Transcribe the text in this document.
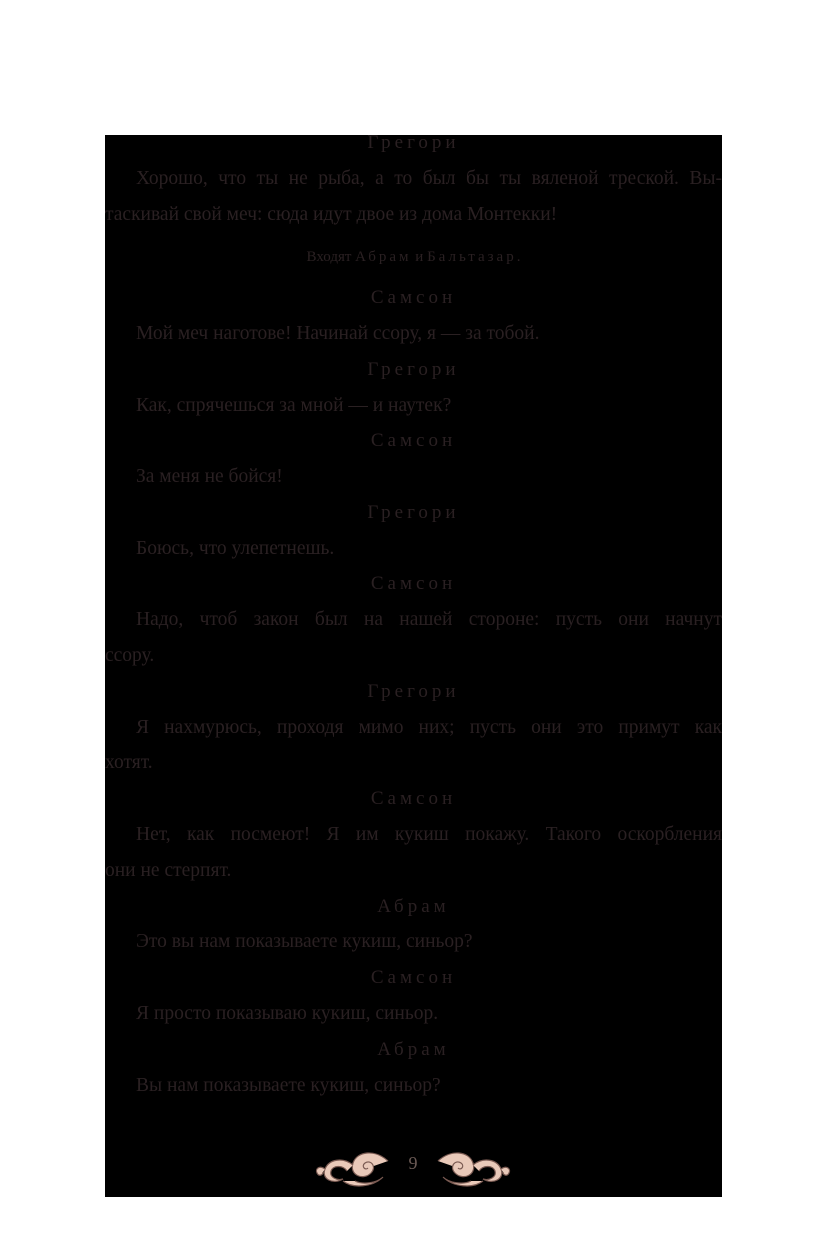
Грегори
Хорошо, что ты не рыба, а то был бы ты вяленой треской. Вы-
таскивай свой меч: сюда идут двое из дома Монтекки!
Входят Абрам и Бальтазар.
Самсон
Мой меч наготове! Начинай ссору, я — за тобой.
Грегори
Как, спрячешься за мной — и наутек?
Самсон
За меня не бойся!
Грегори
Боюсь, что улепетнешь.
Самсон
Надо, чтоб закон был на нашей стороне: пусть они начнут
ссору.
Грегори
Я нахмурюсь, проходя мимо них; пусть они это примут как
хотят.
Самсон
Нет, как посмеют! Я им кукиш покажу. Такого оскорбления
они не стерпят.
Абрам
Это вы нам показываете кукиш, синьор?
Самсон
Я просто показываю кукиш, синьор.
Абрам
Вы нам показываете кукиш, синьор?
9
